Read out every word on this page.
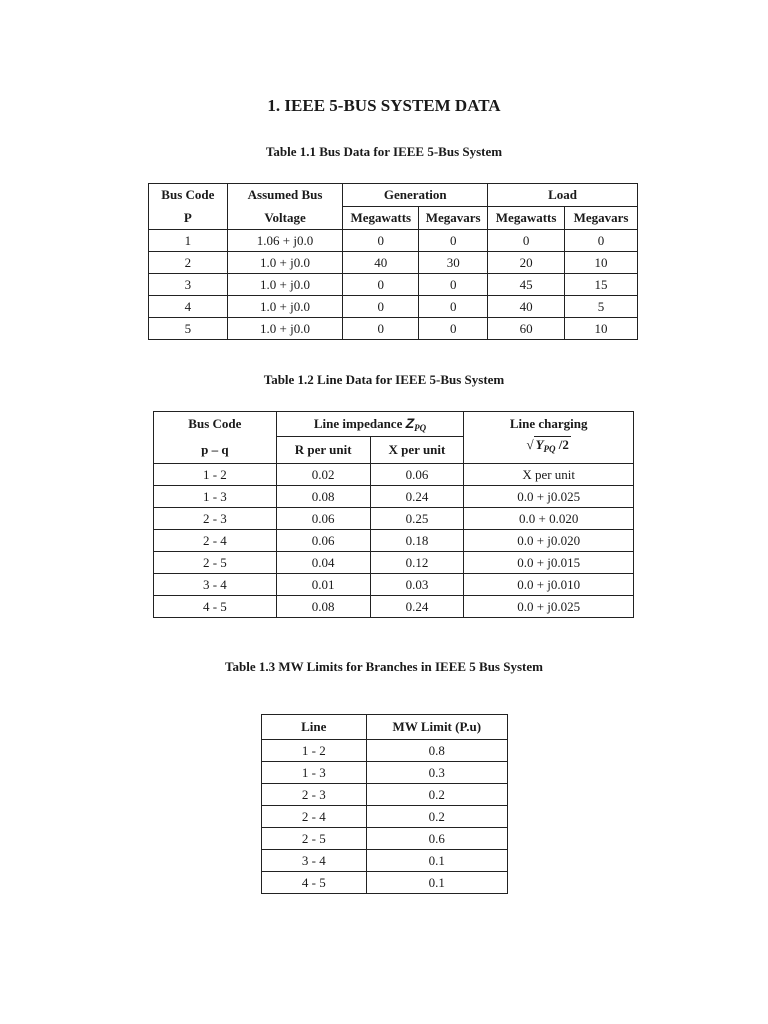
1. IEEE 5-BUS SYSTEM DATA
Table 1.1 Bus Data for IEEE 5-Bus System
Bus Code	Assumed Bus	Generation		Load	
P	Voltage	Megawatts	Megavars	Megawatts	Megavars
1	1.06 + j0.0	0	0	0	0
2	1.0 + j0.0	40	30	20	10
3	1.0 + j0.0	0	0	45	15
4	1.0 + j0.0	0	0	40	5
5	1.0 + j0.0	0	0	60	10
Table 1.2 Line Data for IEEE 5-Bus System
Bus Code	Line impedance $Z_{PQ}$		Line charging
p – q	R per unit	X per unit	√ $Y_{PQ}$ /2
1 - 2	0.02	0.06	X per unit
1 - 3	0.08	0.24	0.0 + j0.025
2 - 3	0.06	0.25	0.0 + 0.020
2 - 4	0.06	0.18	0.0 + j0.020
2 - 5	0.04	0.12	0.0 + j0.015
3 - 4	0.01	0.03	0.0 + j0.010
4 - 5	0.08	0.24	0.0 + j0.025
Table 1.3 MW Limits for Branches in IEEE 5 Bus System
Line	MW Limit (P.u)
1 - 2	0.8
1 - 3	0.3
2 - 3	0.2
2 - 4	0.2
2 - 5	0.6
3 - 4	0.1
4 - 5	0.1
